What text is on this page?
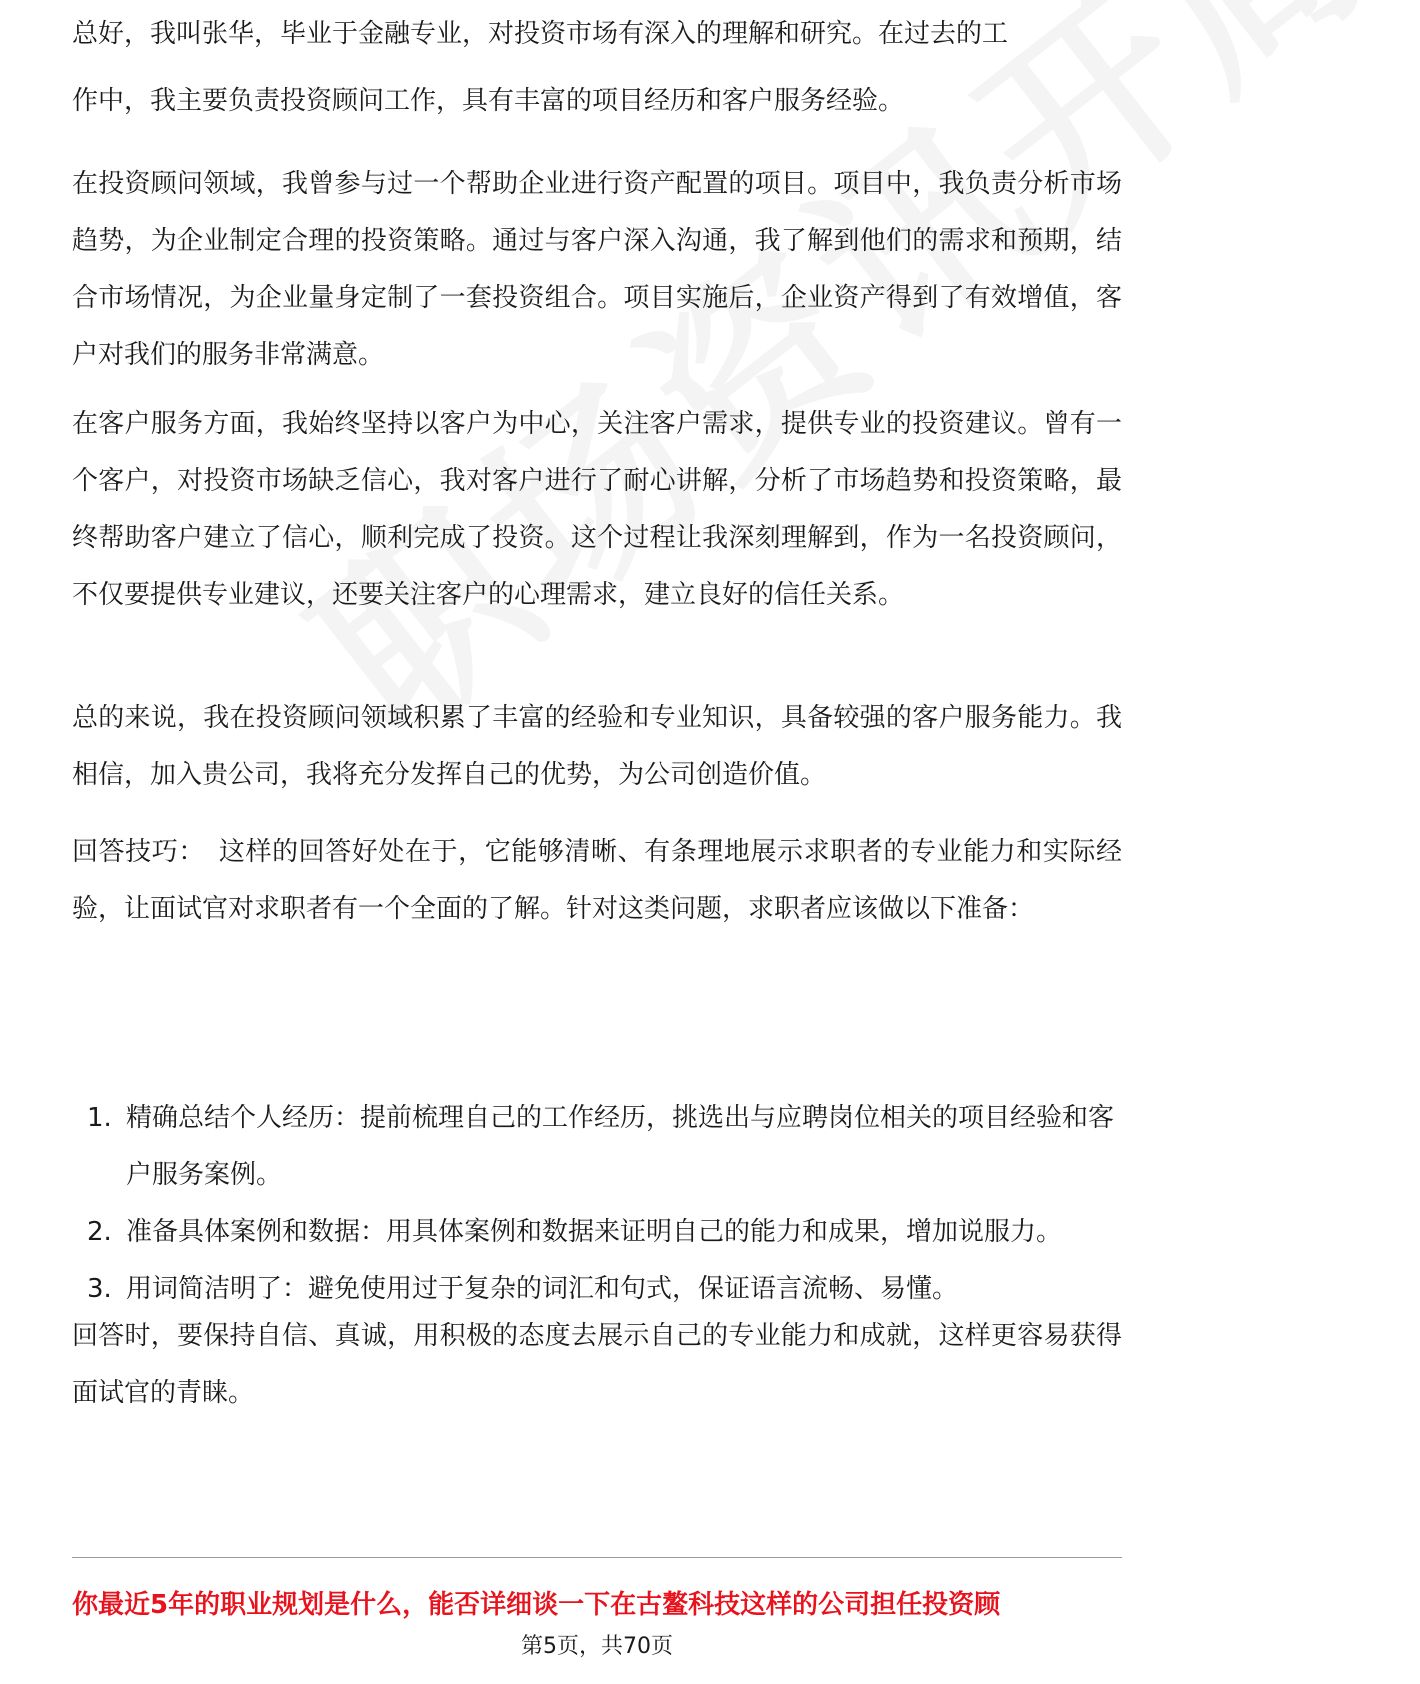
总好，我叫张华，毕业于金融专业，对投资市场有深入的理解和研究。在过去的工

作中，我主要负责投资顾问工作，具有丰富的项目经历和客户服务经验。

在投资顾问领域，我曾参与过一个帮助企业进行资产配置的项目。项目中，我负责分析市场趋势，为企业制定合理的投资策略。通过与客户深入沟通，我了解到他们的需求和预期，结合市场情况，为企业量身定制了一套投资组合。项目实施后，企业资产得到了有效增值，客户对我们的服务非常满意。

在客户服务方面，我始终坚持以客户为中心，关注客户需求，提供专业的投资建议。曾有一个客户，对投资市场缺乏信心，我对客户进行了耐心讲解，分析了市场趋势和投资策略，最终帮助客户建立了信心，顺利完成了投资。这个过程让我深刻理解到，作为一名投资顾问，不仅要提供专业建议，还要关注客户的心理需求，建立良好的信任关系。

总的来说，我在投资顾问领域积累了丰富的经验和专业知识，具备较强的客户服务能力。我相信，加入贵公司，我将充分发挥自己的优势，为公司创造价值。

回答技巧： 这样的回答好处在于，它能够清晰、有条理地展示求职者的专业能力和实际经验，让面试官对求职者有一个全面的了解。针对这类问题，求职者应该做以下准备：

1. 精确总结个人经历：提前梳理自己的工作经历，挑选出与应聘岗位相关的项目经验和客户服务案例。
2. 准备具体案例和数据：用具体案例和数据来证明自己的能力和成果，增加说服力。
3. 用词简洁明了：避免使用过于复杂的词汇和句式，保证语言流畅、易懂。

回答时，要保持自信、真诚，用积极的态度去展示自己的专业能力和成就，这样更容易获得面试官的青睐。

你最近5年的职业规划是什么，能否详细谈一下在古鳌科技这样的公司担任投资顾
第5页，共70页
